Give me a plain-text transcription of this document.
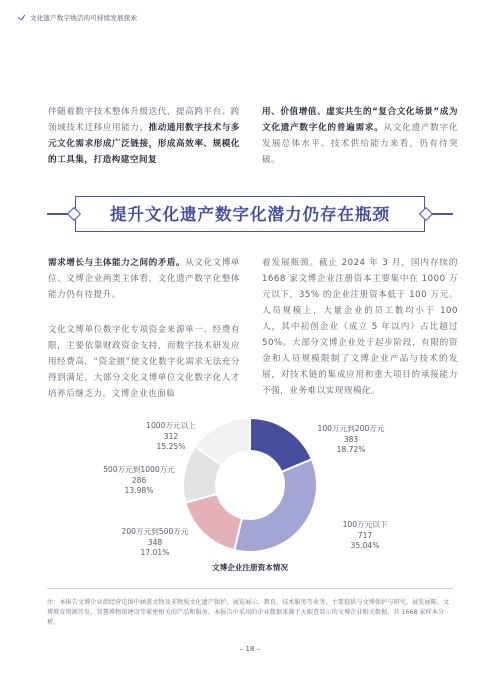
文化遗产数字焕活的可持续发展探索
伴随着数字技术整体升级迭代，提高跨平台、跨领域技术迁移应用能力，推动通用数字技术与多元文化需求形成广泛链接，形成高效率、规模化的工具集，打造构建空间复
用、价值增值、虚实共生的“复合文化场景”成为文化遗产数字化的普遍需求。从文化遗产数字化发展总体水平、技术供给能力来看，仍有待突破。
提升文化遗产数字化潜力仍存在瓶颈
需求增长与主体能力之间的矛盾。从文化文博单位、文博企业两类主体看，文化遗产数字化整体能力仍有待提升。
文化文博单位数字化专项资金来源单一、经费有限，主要依靠财政资金支持，而数字技术研发应用经费高，“资金匮”使文化数字化需求无法充分得到满足，大部分文化文博单位文化数字化人才培养后继乏力。文博企业也面临
着发展瓶颈。截止 2024 年 3 月，国内存续的 1668 家文博企业注册资本主要集中在 1000 万元以下，35% 的企业注册资本低于 100 万元。人员规模上，大量企业的员工数均小于 100 人，其中初创企业（成立 5 年以内）占比超过 50%。大部分文博企业处于起步阶段，有限的资金和人员规模限制了文博企业产品与技术的发展，对技术链的集成应用和重大项目的承接能力不强，业务难以实现规模化。
100万元到200万元
383
18.72%
100万元以下
717
35.04%
200万元到500万元
348
17.01%
500万元到1000万元
286
13.98%
1000万元以上
312
15.25%
文博企业注册资本情况
注：本报告文博企业指经营范围中涵盖文物及非物质文化遗产保护、展览展示、教育、技术服务等业务，主要提供与文博保护与研究、展览展陈、文博教育资源开发、智慧博物馆建设等紧密相关的产品和服务。本报告中采用的企业数据来源于天眼查显示的文博企业相关数据，共 1668 家样本分析。
– 18 –
